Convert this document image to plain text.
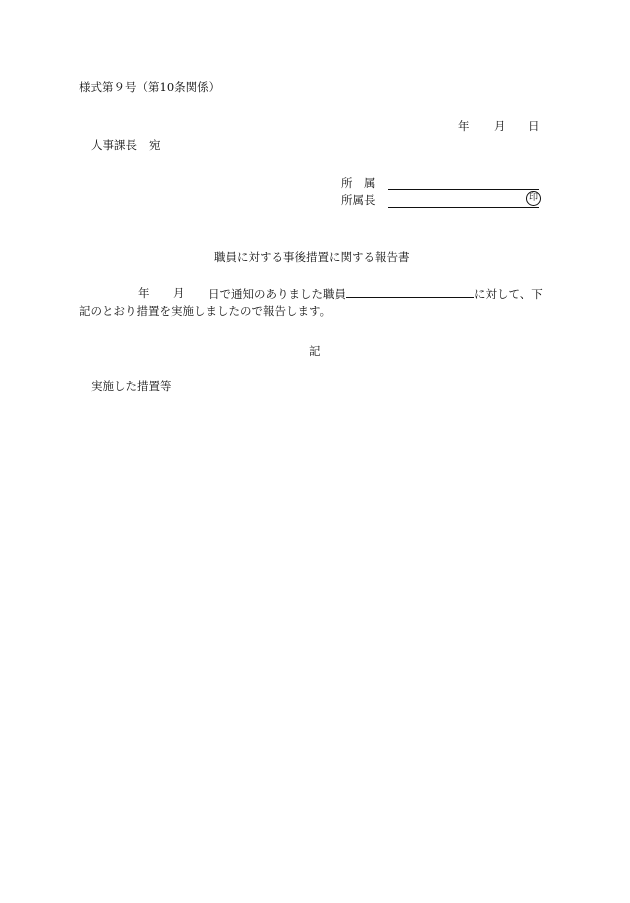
様式第９号（第10条関係）
年 月 日
人事課長 宛
所　属
所属長	印
職員に対する事後措置に関する報告書
年 月 日で通知のありました職員	に対して、下
記のとおり措置を実施しましたので報告します。
記
実施した措置等
